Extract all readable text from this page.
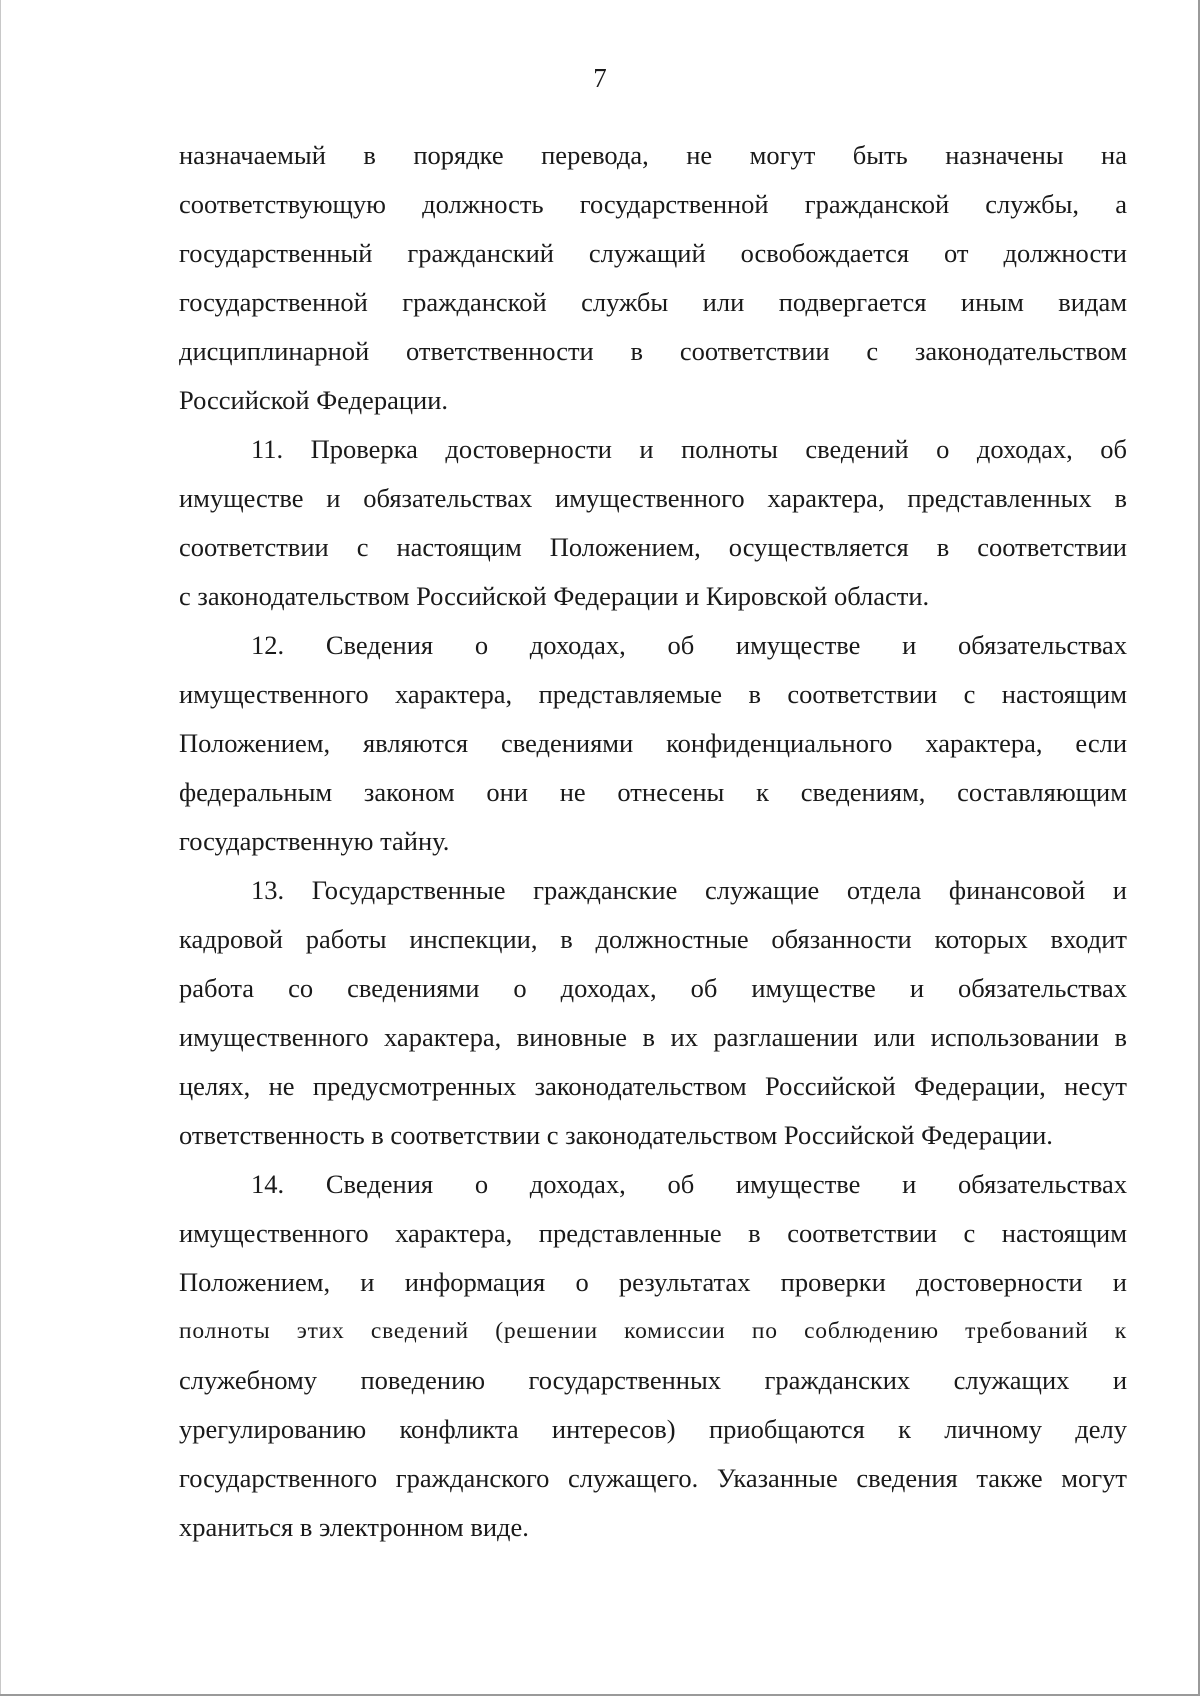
7
назначаемый в порядке перевода, не могут быть назначены на
соответствующую должность государственной гражданской службы, а
государственный гражданский служащий освобождается от должности
государственной гражданской службы или подвергается иным видам
дисциплинарной ответственности в соответствии с законодательством
Российской Федерации.
11. Проверка достоверности и полноты сведений о доходах, об
имуществе и обязательствах имущественного характера, представленных в
соответствии с настоящим Положением, осуществляется в соответствии
с законодательством Российской Федерации и Кировской области.
12. Сведения о доходах, об имуществе и обязательствах
имущественного характера, представляемые в соответствии с настоящим
Положением, являются сведениями конфиденциального характера, если
федеральным законом они не отнесены к сведениям, составляющим
государственную тайну.
13. Государственные гражданские служащие отдела финансовой и
кадровой работы инспекции, в должностные обязанности которых входит
работа со сведениями о доходах, об имуществе и обязательствах
имущественного характера, виновные в их разглашении или использовании в
целях, не предусмотренных законодательством Российской Федерации, несут
ответственность в соответствии с законодательством Российской Федерации.
14. Сведения о доходах, об имуществе и обязательствах
имущественного характера, представленные в соответствии с настоящим
Положением, и информация о результатах проверки достоверности и
полноты этих сведений (решении комиссии по соблюдению требований к
служебному поведению государственных гражданских служащих и
урегулированию конфликта интересов) приобщаются к личному делу
государственного гражданского служащего. Указанные сведения также могут
храниться в электронном виде.
